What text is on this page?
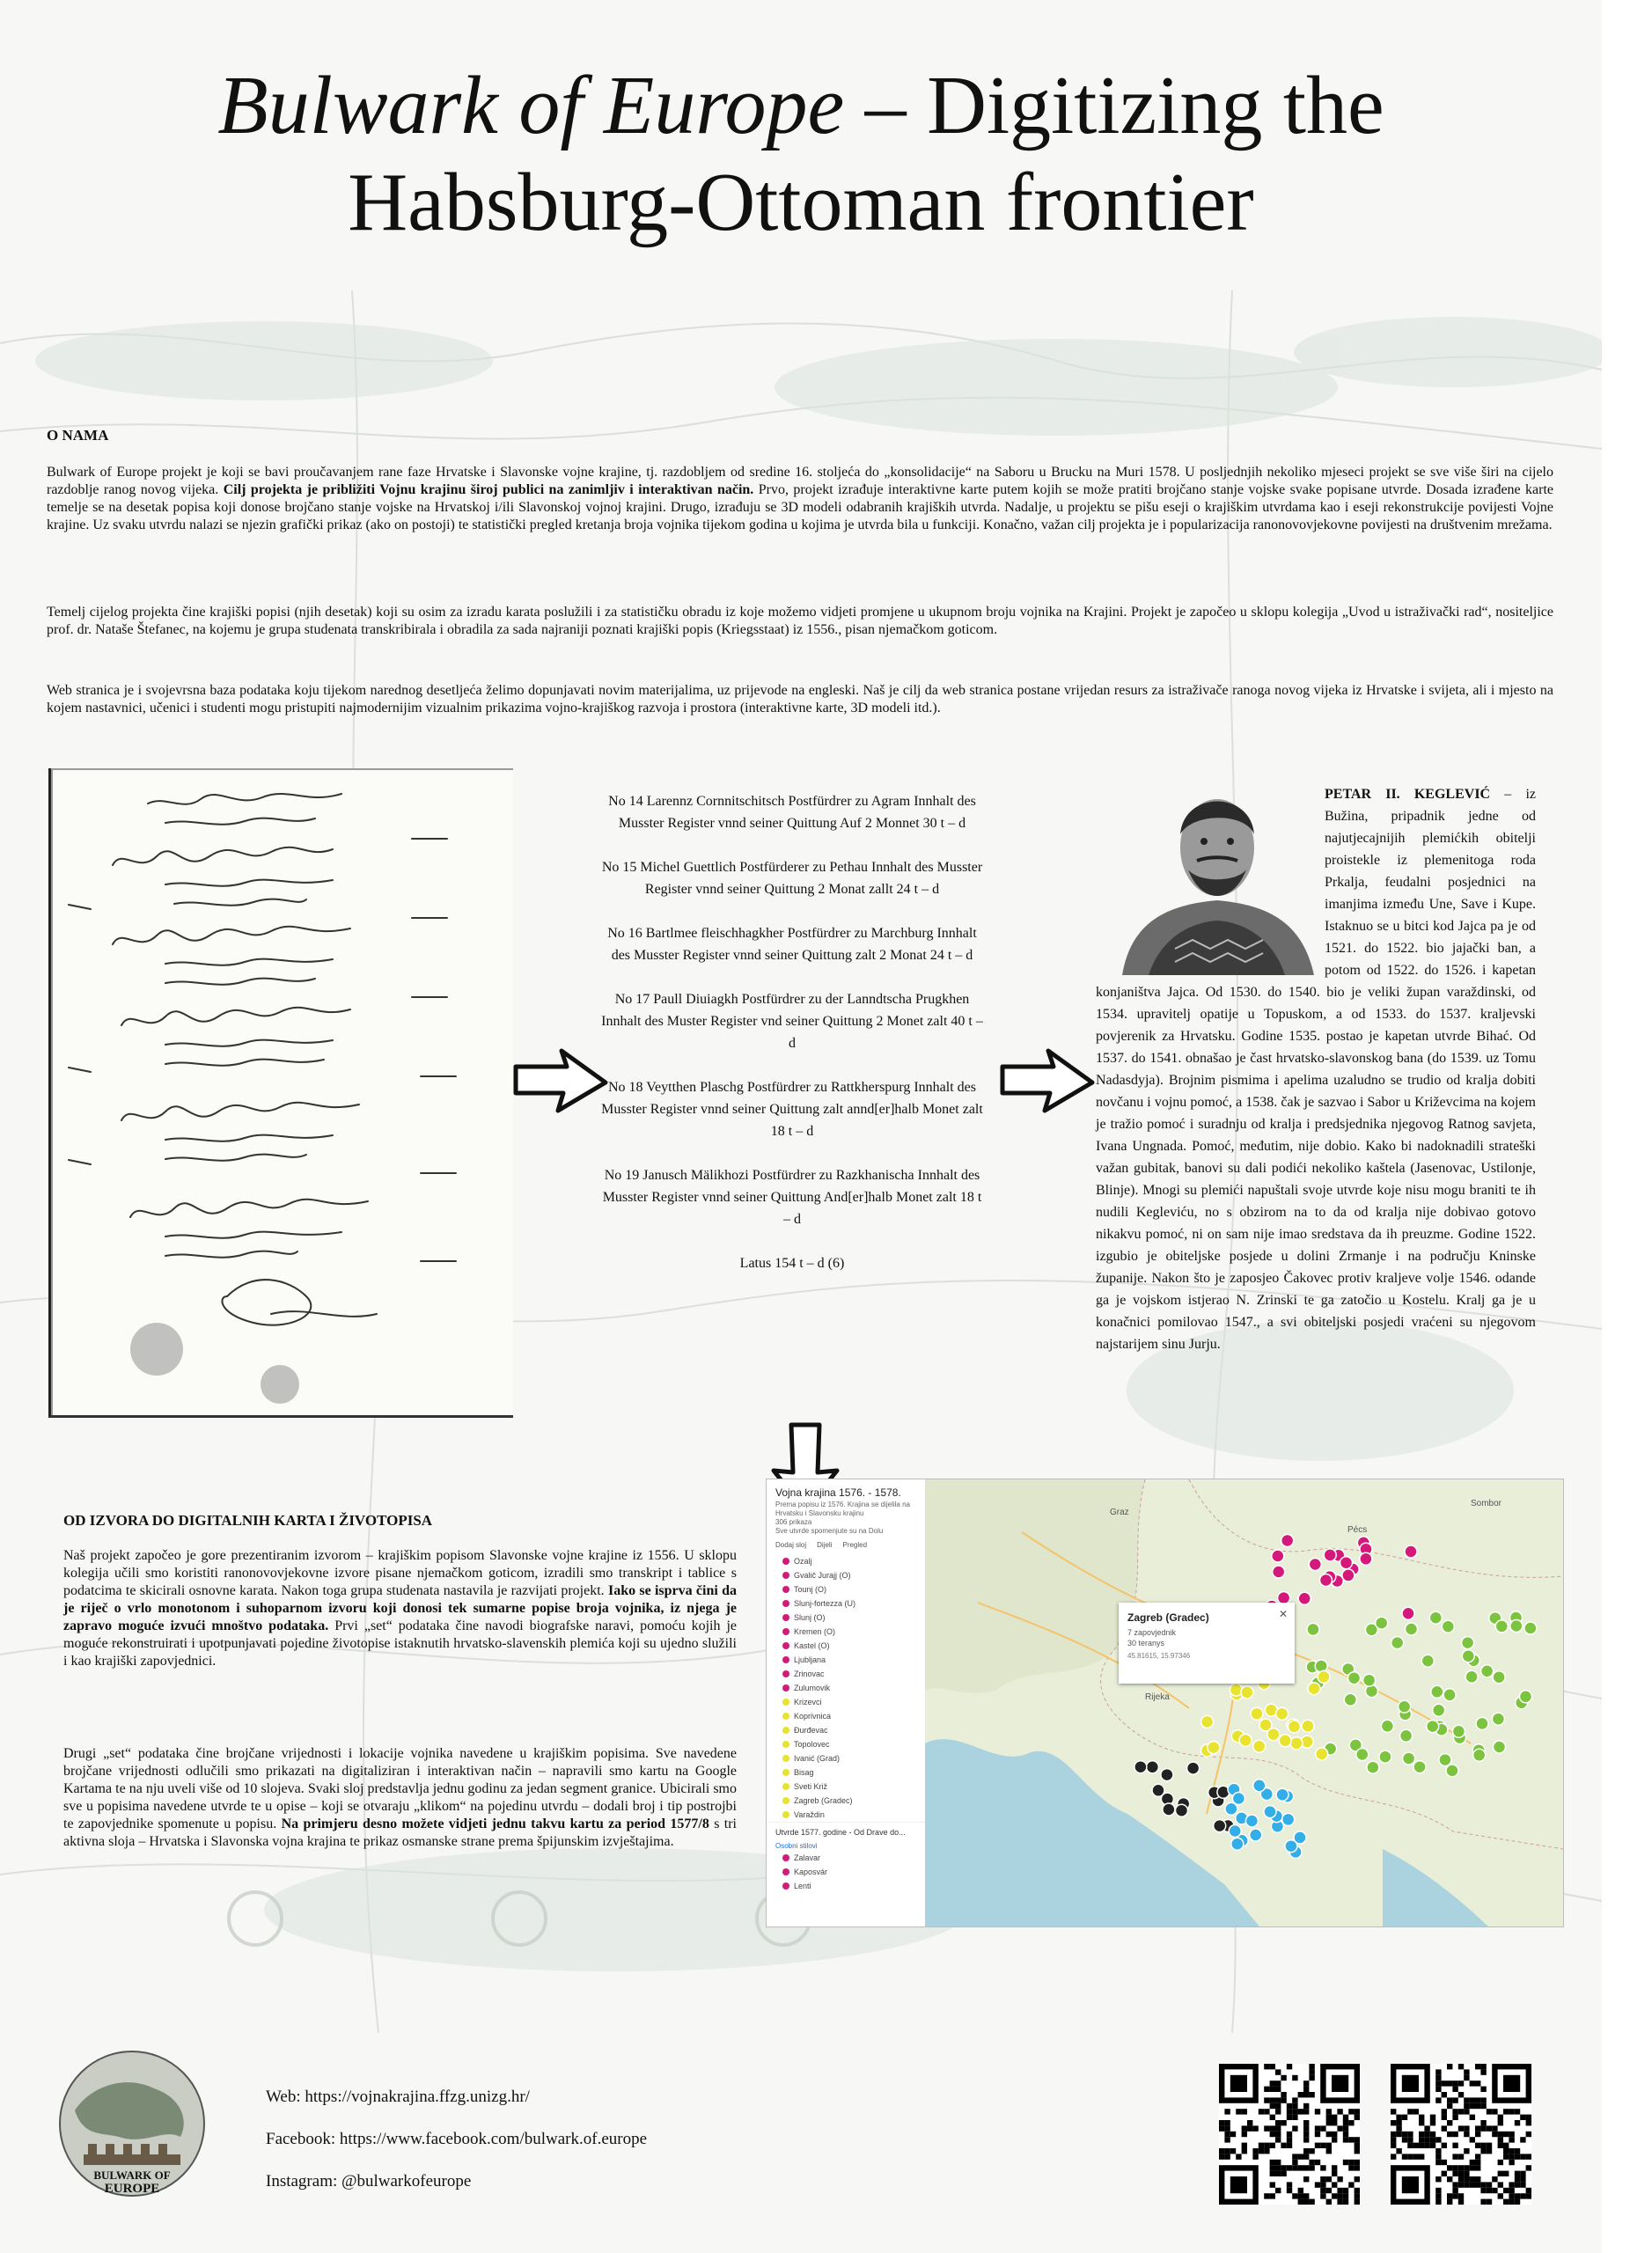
Bulwark of Europe – Digitizing the
Habsburg-Ottoman frontier
O NAMA

Bulwark of Europe projekt je koji se bavi proučavanjem rane faze Hrvatske i Slavonske vojne krajine, tj. razdobljem od sredine 16. stoljeća do „konsolidacije“ na Saboru u Brucku na Muri 1578. U posljednjih nekoliko mjeseci projekt se sve više širi na cijelo razdoblje ranog novog vijeka. Cilj projekta je približiti Vojnu krajinu široj publici na zanimljiv i interaktivan način. Prvo, projekt izrađuje interaktivne karte putem kojih se može pratiti brojčano stanje vojske svake popisane utvrde. Dosada izrađene karte temelje se na desetak popisa koji donose brojčano stanje vojske na Hrvatskoj i/ili Slavonskoj vojnoj krajini. Drugo, izrađuju se 3D modeli odabranih krajiških utvrda. Nadalje, u projektu se pišu eseji o krajiškim utvrdama kao i eseji rekonstrukcije povijesti Vojne krajine. Uz svaku utvrdu nalazi se njezin grafički prikaz (ako on postoji) te statistički pregled kretanja broja vojnika tijekom godina u kojima je utvrda bila u funkciji. Konačno, važan cilj projekta je i popularizacija ranonovovjekovne povijesti na društvenim mrežama.

Temelj cijelog projekta čine krajiški popisi (njih desetak) koji su osim za izradu karata poslužili i za statističku obradu iz koje možemo vidjeti promjene u ukupnom broju vojnika na Krajini. Projekt je započeo u sklopu kolegija „Uvod u istraživački rad“, nositeljice prof. dr. Nataše Štefanec, na kojemu je grupa studenata transkribirala i obradila za sada najraniji poznati krajiški popis (Kriegsstaat) iz 1556., pisan njemačkom goticom.

Web stranica je i svojevrsna baza podataka koju tijekom narednog desetljeća želimo dopunjavati novim materijalima, uz prijevode na engleski. Naš je cilj da web stranica postane vrijedan resurs za istraživače ranoga novog vijeka iz Hrvatske i svijeta, ali i mjesto na kojem nastavnici, učenici i studenti mogu pristupiti najmodernijim vizualnim prikazima vojno-krajiškog razvoja i prostora (interaktivne karte, 3D modeli itd.).

No 14 Larennz Cornnitschitsch Postfürdrer zu Agram Innhalt des Musster Register vnnd seiner Quittung Auf 2 Monnet 30 t – d

No 15 Michel Guettlich Postfürderer zu Pethau Innhalt des Musster Register vnnd seiner Quittung 2 Monat zallt 24 t – d

No 16 Bartlmee fleischhagkher Postfürdrer zu Marchburg Innhalt des Musster Register vnnd seiner Quittung zalt 2 Monat 24 t – d

No 17 Paull Diuiagkh Postfürdrer zu der Lanndtscha Prugkhen Innhalt des Muster Register vnd seiner Quittung 2 Monet zalt 40 t – d

No 18 Veytthen Plaschg Postfürdrer zu Rattkherspurg Innhalt des Musster Register vnnd seiner Quittung zalt annd[er]halb Monet zalt 18 t – d

No 19 Janusch Mälikhozi Postfürdrer zu Razkhanischa Innhalt des Musster Register vnnd seiner Quittung And[er]halb Monet zalt 18 t – d

Latus 154 t – d (6)

PETAR II. KEGLEVIĆ – iz Bužina, pripadnik jedne od najutjecajnijih plemićkih obitelji proistekle iz plemenitoga roda Prkalja, feudalni posjednici na imanjima između Une, Save i Kupe. Istaknuo se u bitci kod Jajca pa je od 1521. do 1522. bio jajački ban, a potom od 1522. do 1526. i kapetan konjaništva Jajca. Od 1530. do 1540. bio je veliki župan varaždinski, od 1534. upravitelj opatije u Topuskom, a od 1533. do 1537. kraljevski povjerenik za Hrvatsku. Godine 1535. postao je kapetan utvrde Bihać. Od 1537. do 1541. obnašao je čast hrvatsko-slavonskog bana (do 1539. uz Tomu Nadasdyja). Brojnim pismima i apelima uzaludno se trudio od kralja dobiti novčanu i vojnu pomoć, a 1538. čak je sazvao i Sabor u Križevcima na kojem je tražio pomoć i suradnju od kralja i predsjednika njegovog Ratnog savjeta, Ivana Ungnada. Pomoć, međutim, nije dobio. Kako bi nadoknadili strateški važan gubitak, banovi su dali podići nekoliko kaštela (Jasenovac, Ustilonje, Blinje). Mnogi su plemići napuštali svoje utvrde koje nisu mogu braniti te ih nudili Kegleviću, no s obzirom na to da od kralja nije dobivao gotovo nikakvu pomoć, ni on sam nije imao sredstava da ih preuzme. Godine 1522. izgubio je obiteljske posjede u dolini Zrmanje i na području Kninske županije. Nakon što je zaposjeo Čakovec protiv kraljeve volje 1546. odande ga je vojskom istjerao N. Zrinski te ga zatočio u Kostelu. Kralj ga je u konačnici pomilovao 1547., a svi obiteljski posjedi vraćeni su njegovom najstarijem sinu Jurju.
OD IZVORA DO DIGITALNIH KARTA I ŽIVOTOPISA

Naš projekt započeo je gore prezentiranim izvorom – krajiškim popisom Slavonske vojne krajine iz 1556. U sklopu kolegija učili smo koristiti ranonovovjekovne izvore pisane njemačkom goticom, izradili smo transkript i tablice s podatcima te skicirali osnovne karata. Nakon toga grupa studenata nastavila je razvijati projekt. Iako se isprva čini da je riječ o vrlo monotonom i suhoparnom izvoru koji donosi tek sumarne popise broja vojnika, iz njega je zapravo moguće izvući mnoštvo podataka. Prvi „set“ podataka čine navodi biografske naravi, pomoću kojih je moguće rekonstruirati i upotpunjavati pojedine životopise istaknutih hrvatsko-slavenskih plemića koji su ujedno služili i kao krajiški zapovjednici.

Drugi „set“ podataka čine brojčane vrijednosti i lokacije vojnika navedene u krajiškim popisima. Sve navedene brojčane vrijednosti odlučili smo prikazati na digitaliziran i interaktivan način – napravili smo kartu na Google Kartama te na nju uveli više od 10 slojeva. Svaki sloj predstavlja jednu godinu za jedan segment granice. Ubicirali smo sve u popisima navedene utvrde te u opise – koji se otvaraju „klikom“ na pojedinu utvrdu – dodali broj i tip postrojbi te zapovjednike spomenute u popisu. Na primjeru desno možete vidjeti jednu takvu kartu za period 1577/8 s tri aktivna sloja – Hrvatska i Slavonska vojna krajina te prikaz osmanske strane prema špijunskim izvještajima.

Vojna krajina 1576. - 1578.
Prema popisu iz 1576. Krajina se dijelila na Hrvatsku i Slavonsku krajinu
306 prikaza
Sve utvrde spomenjute su na Dolu
Dodaj sloj Dijeli Pregled
Ozalj
Gvalič Jurajj (O)
Tounj (O)
Slunj-fortezza (U)
Slunj (O)
Kremen (O)
Kastel (O)
Ljubljana
Zrinovac
Zulumovik
Krizevci
Koprivnica
Đurđevac
Topolovec
Ivanić (Grad)
Bisag
Sveti Križ
Zagreb (Gradec)
Varaždin
Utvrde 1577. godine - Od Drave do...
Osobni stilovi
Zalavar
Kaposvár
Lenti
Graz
Rijeka
Sombor
Pécs
✕
Zagreb (Gradec)
7 zapovjednik
30 teranys
45.81615, 15.97346
BULWARK OF
EUROPE

Web: https://vojnakrajina.ffzg.unizg.hr/

Facebook: https://www.facebook.com/bulwark.of.europe

Instagram: @bulwarkofeurope
